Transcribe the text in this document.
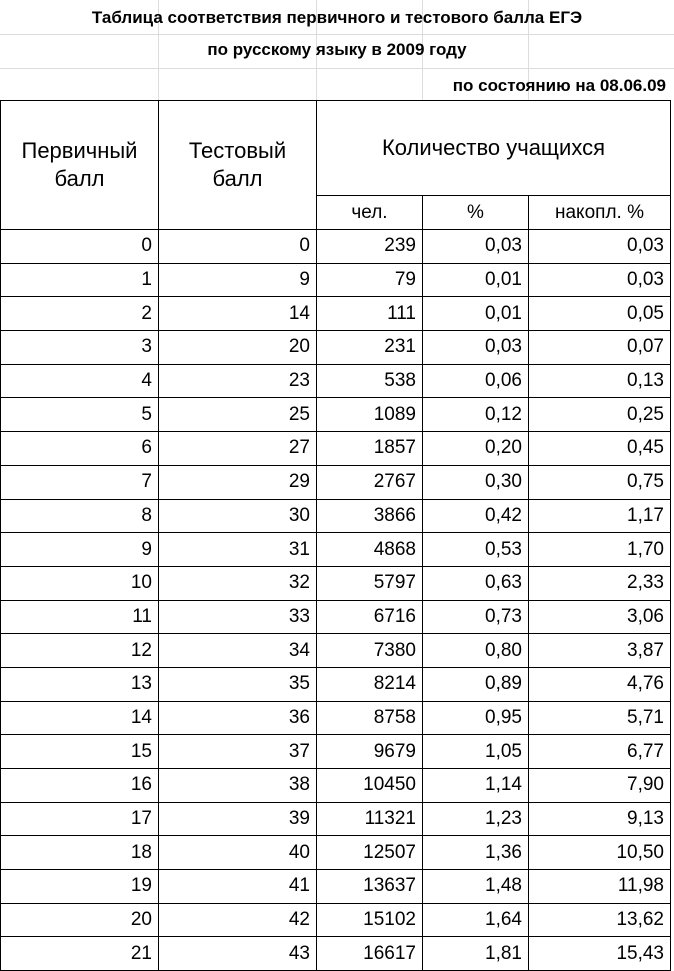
Таблица соответствия первичного и тестового балла ЕГЭ
по русскому языку в 2009 году
по состоянию на 08.06.09
Первичный балл	Тестовый балл	Количество учащихся		
		чел.	%	накопл. %
0	0	239	0,03	0,03
1	9	79	0,01	0,03
2	14	111	0,01	0,05
3	20	231	0,03	0,07
4	23	538	0,06	0,13
5	25	1089	0,12	0,25
6	27	1857	0,20	0,45
7	29	2767	0,30	0,75
8	30	3866	0,42	1,17
9	31	4868	0,53	1,70
10	32	5797	0,63	2,33
11	33	6716	0,73	3,06
12	34	7380	0,80	3,87
13	35	8214	0,89	4,76
14	36	8758	0,95	5,71
15	37	9679	1,05	6,77
16	38	10450	1,14	7,90
17	39	11321	1,23	9,13
18	40	12507	1,36	10,50
19	41	13637	1,48	11,98
20	42	15102	1,64	13,62
21	43	16617	1,81	15,43
